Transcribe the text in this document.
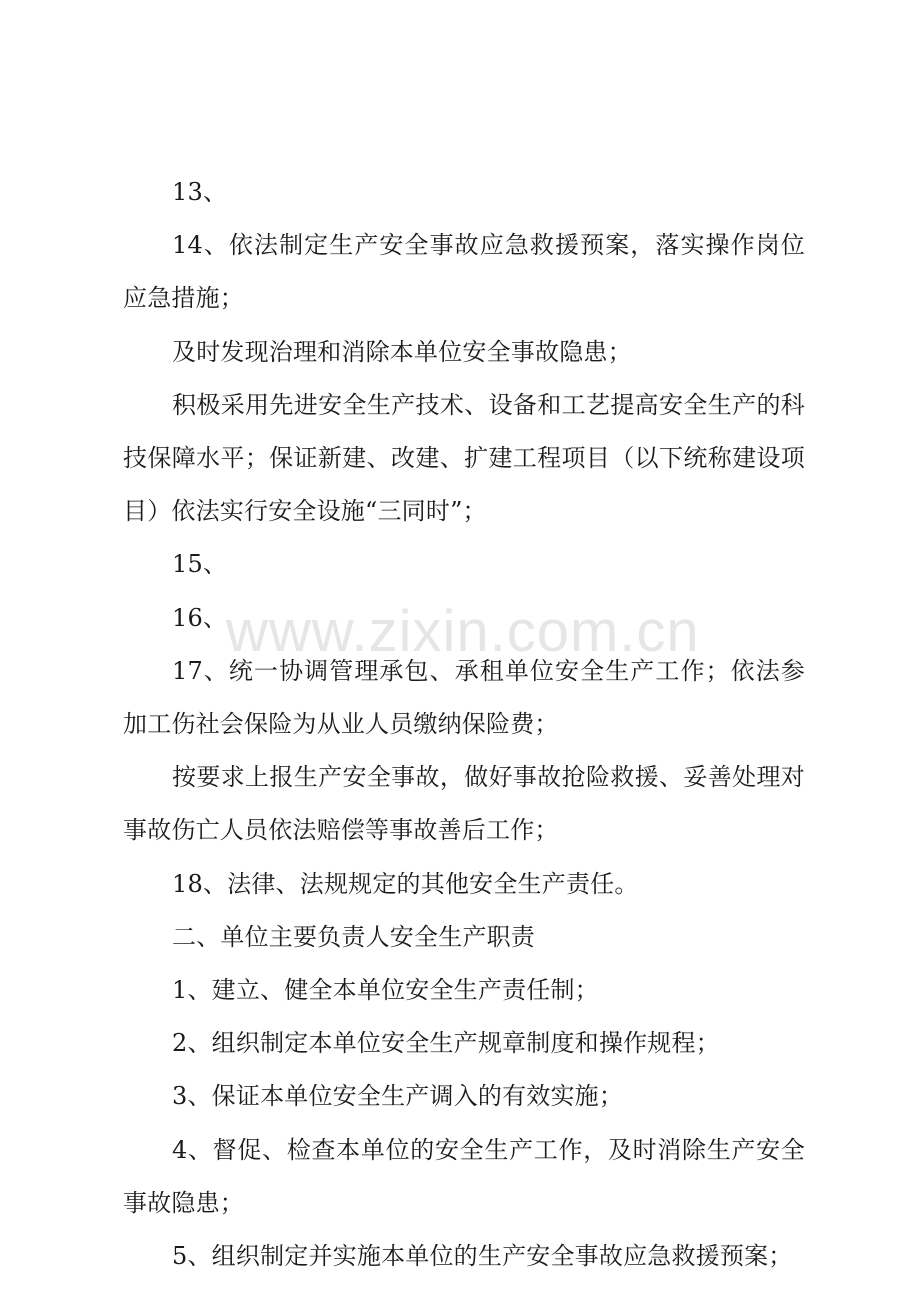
www.zixin.com.cn

13、

14、依法制定生产安全事故应急救援预案，落实操作岗位应急措施；

及时发现治理和消除本单位安全事故隐患；

积极采用先进安全生产技术、设备和工艺提高安全生产的科技保障水平；保证新建、改建、扩建工程项目（以下统称建设项目）依法实行安全设施“三同时”；

15、

16、

17、统一协调管理承包、承租单位安全生产工作；依法参加工伤社会保险为从业人员缴纳保险费；

按要求上报生产安全事故，做好事故抢险救援、妥善处理对事故伤亡人员依法赔偿等事故善后工作；

18、法律、法规规定的其他安全生产责任。

二、单位主要负责人安全生产职责

1、建立、健全本单位安全生产责任制；

2、组织制定本单位安全生产规章制度和操作规程；

3、保证本单位安全生产调入的有效实施；

4、督促、检查本单位的安全生产工作，及时消除生产安全事故隐患；

5、组织制定并实施本单位的生产安全事故应急救援预案；
